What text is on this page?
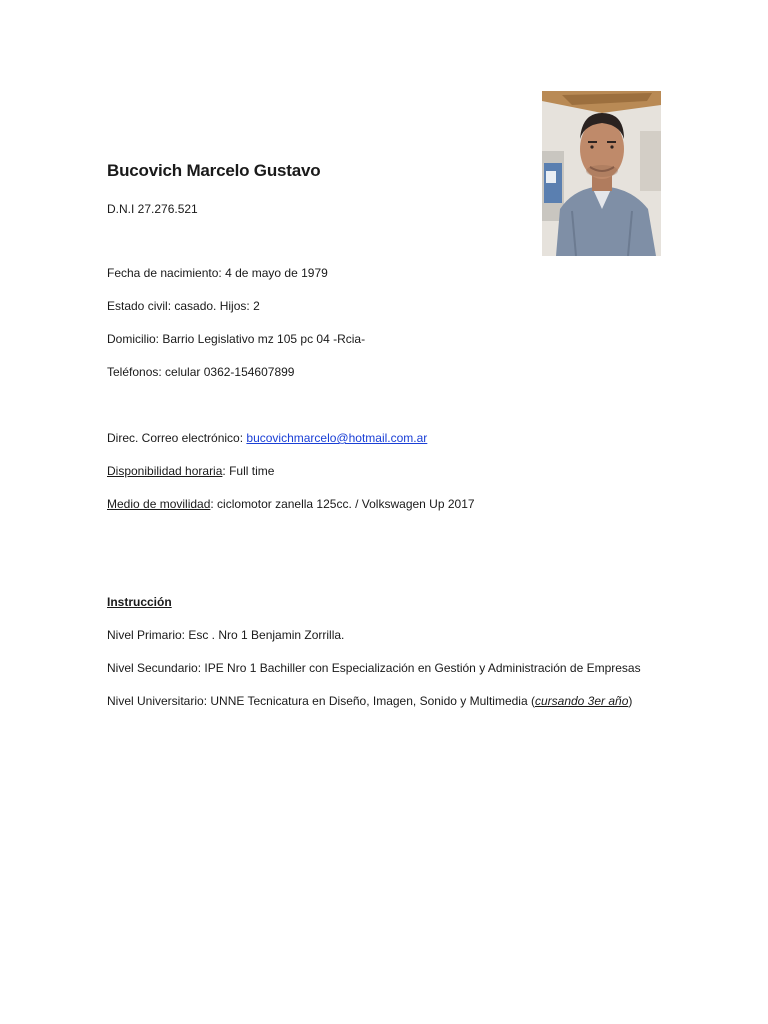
Bucovich Marcelo Gustavo
D.N.I 27.276.521
Fecha de nacimiento: 4 de mayo de 1979
Estado civil: casado. Hijos: 2
Domicilio: Barrio Legislativo mz 105 pc 04 -Rcia-
Teléfonos: celular 0362-154607899
Direc. Correo electrónico: bucovichmarcelo@hotmail.com.ar
Disponibilidad horaria: Full time
Medio de movilidad: ciclomotor zanella 125cc. / Volkswagen Up 2017
Instrucción
Nivel Primario: Esc . Nro 1 Benjamin Zorrilla.
Nivel Secundario: IPE Nro 1 Bachiller con Especialización en Gestión y Administración de Empresas
Nivel Universitario: UNNE Tecnicatura en Diseño, Imagen, Sonido y Multimedia (cursando 3er año)
